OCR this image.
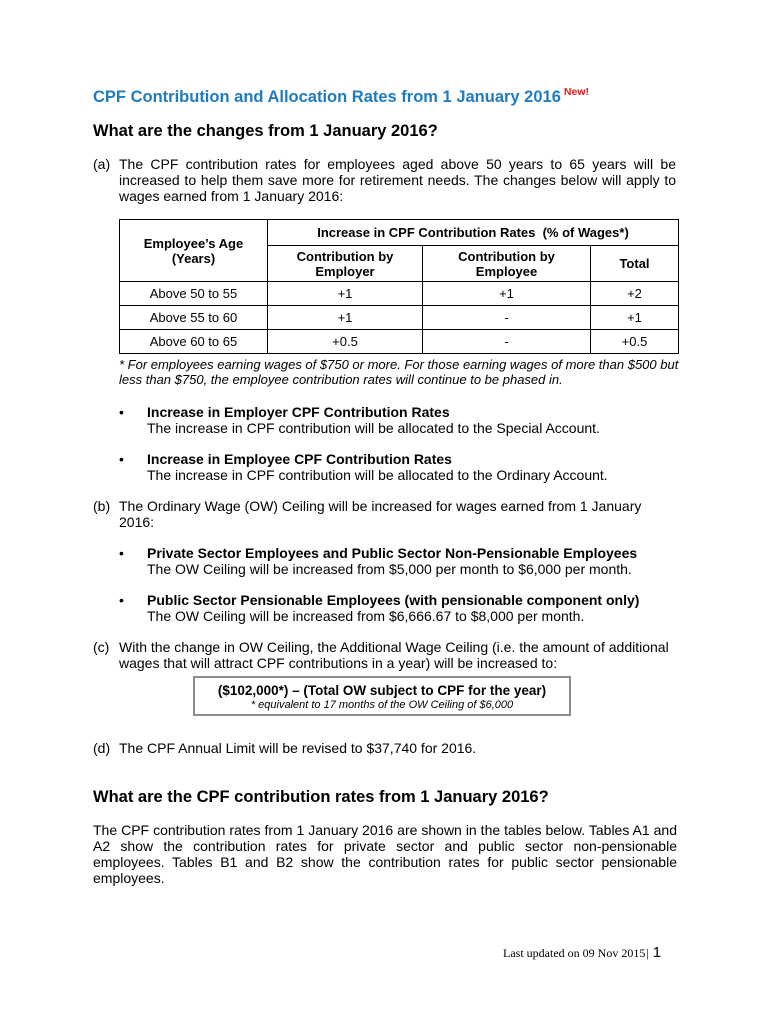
CPF Contribution and Allocation Rates from 1 January 2016 $^{New!}$
What are the changes from 1 January 2016?
(a) The CPF contribution rates for employees aged above 50 years to 65 years will be increased to help them save more for retirement needs. The changes below will apply to wages earned from 1 January 2016:
Employee’s Age (Years)	Increase in CPF Contribution Rates  (% of Wages*)		
	Contribution by Employer	Contribution by Employee	Total
Above 50 to 55	+1	+1	+2
Above 55 to 60	+1	-	+1
Above 60 to 65	+0.5	-	+0.5
* For employees earning wages of $750 or more. For those earning wages of more than $500 but less than $750, the employee contribution rates will continue to be phased in.
• Increase in Employer CPF Contribution Rates
The increase in CPF contribution will be allocated to the Special Account.
• Increase in Employee CPF Contribution Rates
The increase in CPF contribution will be allocated to the Ordinary Account.
(b) The Ordinary Wage (OW) Ceiling will be increased for wages earned from 1 January 2016:
• Private Sector Employees and Public Sector Non-Pensionable Employees
The OW Ceiling will be increased from $5,000 per month to $6,000 per month.
• Public Sector Pensionable Employees (with pensionable component only)
The OW Ceiling will be increased from $6,666.67 to $8,000 per month.
(c) With the change in OW Ceiling, the Additional Wage Ceiling (i.e. the amount of additional wages that will attract CPF contributions in a year) will be increased to:
($102,000*) – (Total OW subject to CPF for the year)
* equivalent to 17 months of the OW Ceiling of $6,000
(d) The CPF Annual Limit will be revised to $37,740 for 2016.
What are the CPF contribution rates from 1 January 2016?
The CPF contribution rates from 1 January 2016 are shown in the tables below. Tables A1 and A2 show the contribution rates for private sector and public sector non-pensionable employees. Tables B1 and B2 show the contribution rates for public sector pensionable employees.
Last updated on 09 Nov 2015| 1
